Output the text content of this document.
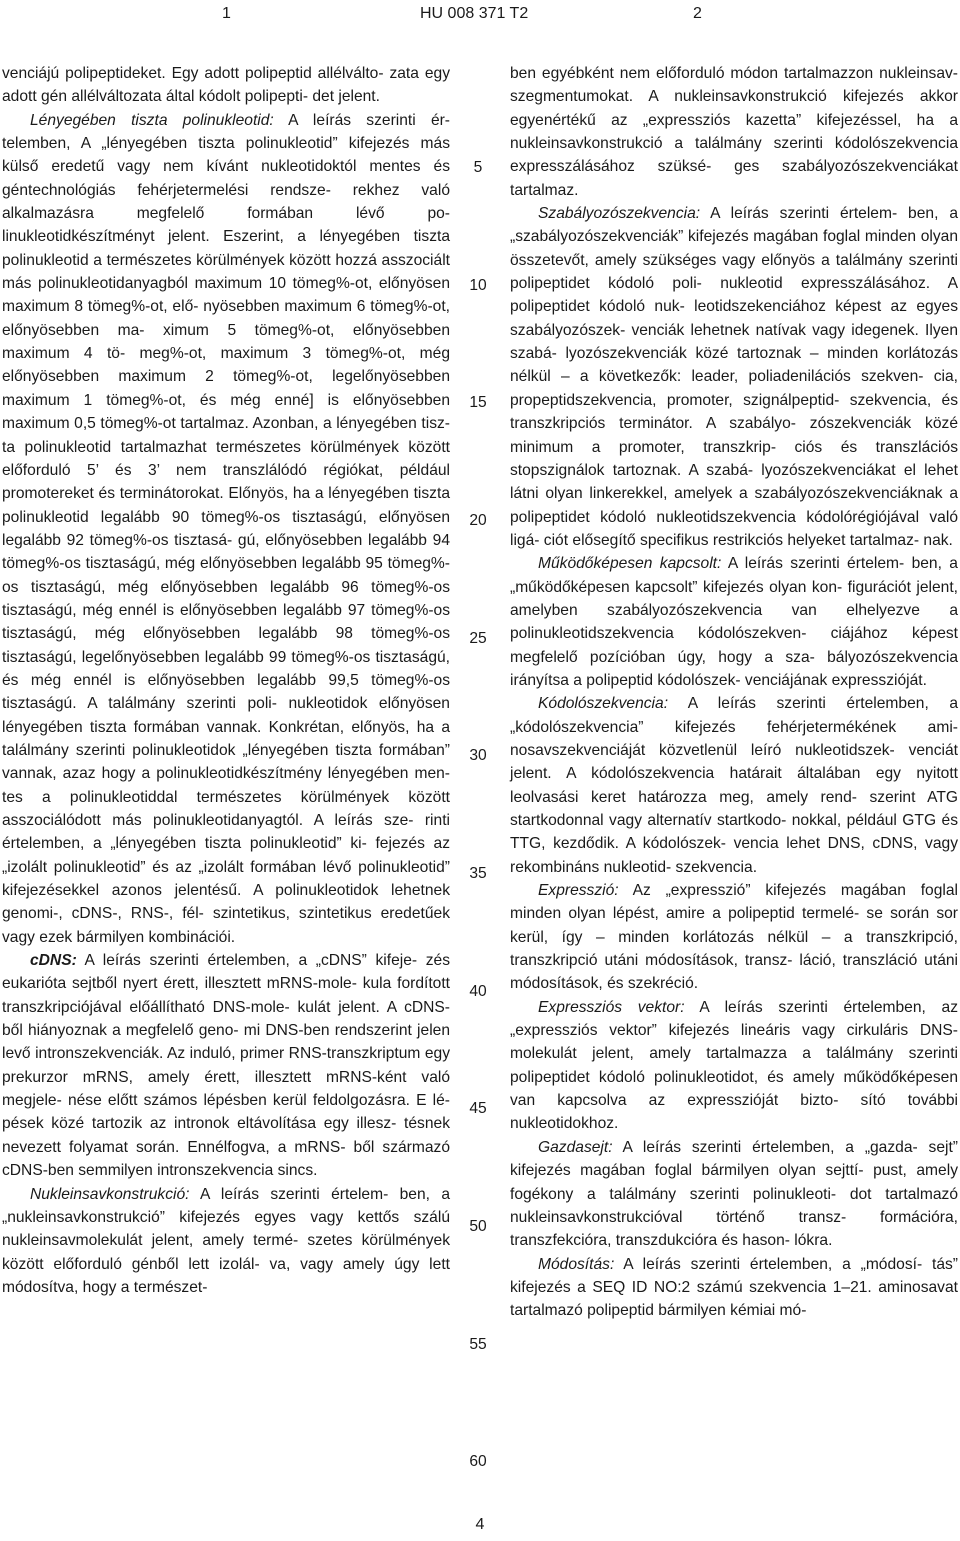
1	HU 008 371 T2	2

venciájú polipeptideket. Egy adott polipeptid allélválto- zata egy adott gén allélváltozata által kódolt polipepti- det jelent.

Lényegében tiszta polinukleotid: A leírás szerinti ér- telemben, A „lényegében tiszta polinukleotid” kifejezés más külső eredetű vagy nem kívánt nukleotidoktól mentes és géntechnológiás fehérjetermelési rendsze- rekhez való alkalmazásra megfelelő formában lévő po- linukleotidkészítményt jelent. Eszerint, a lényegében tiszta polinukleotid a természetes körülmények között hozzá asszociált más polinukleotidanyagból maximum 10 tömeg%-ot, előnyösen maximum 8 tömeg%-ot, elő- nyösebben maximum 6 tömeg%-ot, előnyösebben ma- ximum 5 tömeg%-ot, előnyösebben maximum 4 tö- meg%-ot, maximum 3 tömeg%-ot, még előnyösebben maximum 2 tömeg%-ot, legelőnyösebben maximum 1 tömeg%-ot, és még enné] is előnyösebben maximum 0,5 tömeg%-ot tartalmaz. Azonban, a lényegében tisz- ta polinukleotid tartalmazhat természetes körülmények között előforduló 5’ és 3’ nem transzlálódó régiókat, például promotereket és terminátorokat. Előnyös, ha a lényegében tiszta polinukleotid legalább 90 tömeg%-os tisztaságú, előnyösen legalább 92 tömeg%-os tisztasá- gú, előnyösebben legalább 94 tömeg%-os tisztaságú, még előnyösebben legalább 95 tömeg%-os tisztaságú, még előnyösebben legalább 96 tömeg%-os tisztaságú, még ennél is előnyösebben legalább 97 tömeg%-os tisztaságú, még előnyösebben legalább 98 tömeg%-os tisztaságú, legelőnyösebben legalább 99 tömeg%-os tisztaságú, és még ennél is előnyösebben legalább 99,5 tömeg%-os tisztaságú. A találmány szerinti poli- nukleotidok előnyösen lényegében tiszta formában vannak. Konkrétan, előnyös, ha a találmány szerinti polinukleotidok „lényegében tiszta formában” vannak, azaz hogy a polinukleotidkészítmény lényegében men- tes a polinukleotiddal természetes körülmények között asszociálódott más polinukleotidanyagtól. A leírás sze- rinti értelemben, a „lényegében tiszta polinukleotid” ki- fejezés az „izolált polinukleotid” és az „izolált formában lévő polinukleotid” kifejezésekkel azonos jelentésű. A polinukleotidok lehetnek genomi-, cDNS-, RNS-, fél- szintetikus, szintetikus eredetűek vagy ezek bármilyen kombinációi.

cDNS: A leírás szerinti értelemben, a „cDNS” kifeje- zés eukarióta sejtből nyert érett, illesztett mRNS-mole- kula fordított transzkripciójával előállítható DNS-mole- kulát jelent. A cDNS-ből hiányoznak a megfelelő geno- mi DNS-ben rendszerint jelen levő intronszekvenciák. Az induló, primer RNS-transzkriptum egy prekurzor mRNS, amely érett, illesztett mRNS-ként való megjele- nése előtt számos lépésben kerül feldolgozásra. E lé- pések közé tartozik az intronok eltávolítása egy illesz- tésnek nevezett folyamat során. Ennélfogva, a mRNS- ből származó cDNS-ben semmilyen intronszekvencia sincs.

Nukleinsavkonstrukció: A leírás szerinti értelem- ben, a „nukleinsavkonstrukció” kifejezés egyes vagy kettős szálú nukleinsavmolekulát jelent, amely termé- szetes körülmények között előforduló génből lett izolál- va, vagy amely úgy lett módosítva, hogy a természet-

5
10
15
20
25
30
35
40
45
50
55
60

ben egyébként nem előforduló módon tartalmazzon nukleinsav-szegmentumokat. A nukleinsavkonstrukció kifejezés akkor egyenértékű az „expressziós kazetta” kifejezéssel, ha a nukleinsavkonstrukció a találmány szerinti kódolószekvencia expresszálásához szüksé- ges szabályozószekvenciákat tartalmaz.

Szabályozószekvencia: A leírás szerinti értelem- ben, a „szabályozószekvenciák” kifejezés magában foglal minden olyan összetevőt, amely szükséges vagy előnyös a találmány szerinti polipeptidet kódoló poli- nukleotid expresszálásához. A polipeptidet kódoló nuk- leotidszekenciához képest az egyes szabályozószek- venciák lehetnek natívak vagy idegenek. Ilyen szabá- lyozószekvenciák közé tartoznak – minden korlátozás nélkül – a következők: leader, poliadenilációs szekven- cia, propeptidszekvencia, promoter, szignálpeptid- szekvencia, és transzkripciós terminátor. A szabályo- zószekvenciák közé minimum a promoter, transzkrip- ciós és transzlációs stopszignálok tartoznak. A szabá- lyozószekvenciákat el lehet látni olyan linkerekkel, amelyek a szabályozószekvenciáknak a polipeptidet kódoló nukleotidszekvencia kódolórégiójával való ligá- ciót elősegítő specifikus restrikciós helyeket tartalmaz- nak.

Működőképesen kapcsolt: A leírás szerinti értelem- ben, a „működőképesen kapcsolt” kifejezés olyan kon- figurációt jelent, amelyben szabályozószekvencia van elhelyezve a polinukleotidszekvencia kódolószekven- ciájához képest megfelelő pozícióban úgy, hogy a sza- bályozószekvencia irányítsa a polipeptid kódolószek- venciájának expresszióját.

Kódolószekvencia: A leírás szerinti értelemben, a „kódolószekvencia” kifejezés fehérjetermékének ami- nosavszekvenciáját közvetlenül leíró nukleotidszek- venciát jelent. A kódolószekvencia határait általában egy nyitott leolvasási keret határozza meg, amely rend- szerint ATG startkodonnal vagy alternatív startkodo- nokkal, például GTG és TTG, kezdődik. A kódolószek- vencia lehet DNS, cDNS, vagy rekombináns nukleotid- szekvencia.

Expresszió: Az „expresszió” kifejezés magában foglal minden olyan lépést, amire a polipeptid termelé- se során sor kerül, így – minden korlátozás nélkül – a transzkripció, transzkripció utáni módosítások, transz- láció, transzláció utáni módosítások, és szekréció.

Expressziós vektor: A leírás szerinti értelemben, az „expressziós vektor” kifejezés lineáris vagy cirkuláris DNS-molekulát jelent, amely tartalmazza a találmány szerinti polipeptidet kódoló polinukleotidot, és amely működőképesen van kapcsolva az expresszióját bizto- sító további nukleotidokhoz.

Gazdasejt: A leírás szerinti értelemben, a „gazda- sejt” kifejezés magában foglal bármilyen olyan sejttí- pust, amely fogékony a találmány szerinti polinukleoti- dot tartalmazó nukleinsavkonstrukcióval történő transz- formációra, transzfekcióra, transzdukcióra és hason- lókra.

Módosítás: A leírás szerinti értelemben, a „módosí- tás” kifejezés a SEQ ID NO:2 számú szekvencia 1–21. aminosavat tartalmazó polipeptid bármilyen kémiai mó-

4
